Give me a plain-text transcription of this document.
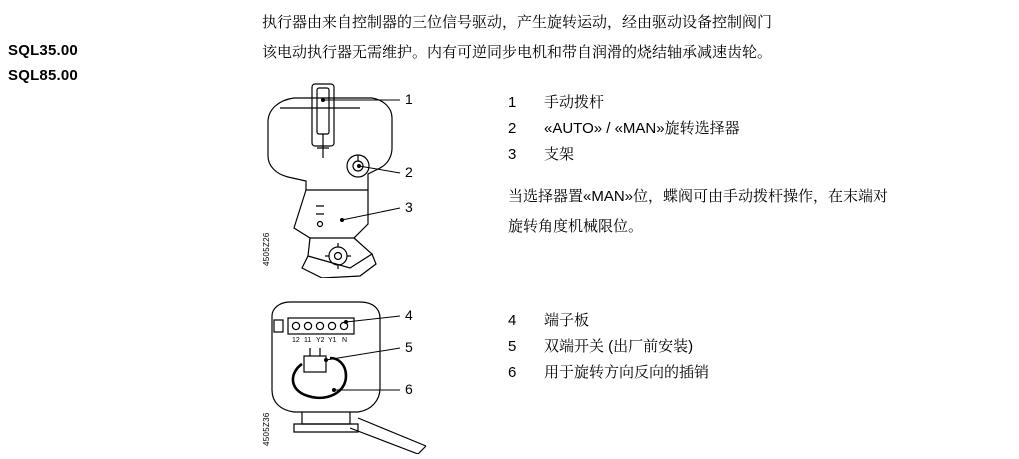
SQL35.00
SQL85.00
执行器由来自控制器的三位信号驱动，产生旋转运动，经由驱动设备控制阀门
该电动执行器无需维护。内有可逆同步电机和带自润滑的烧结轴承减速齿轮。
1
2
3
4505Z26
12 11 Y2 Y1 N
4
5
6
4505Z36
1	手动拨杆
2	«AUTO» / «MAN»旋转选择器
3	支架
当选择器置«MAN»位，蝶阀可由手动拨杆操作，在末端对
旋转角度机械限位。
4	端子板
5	双端开关 (出厂前安装)
6	用于旋转方向反向的插销
